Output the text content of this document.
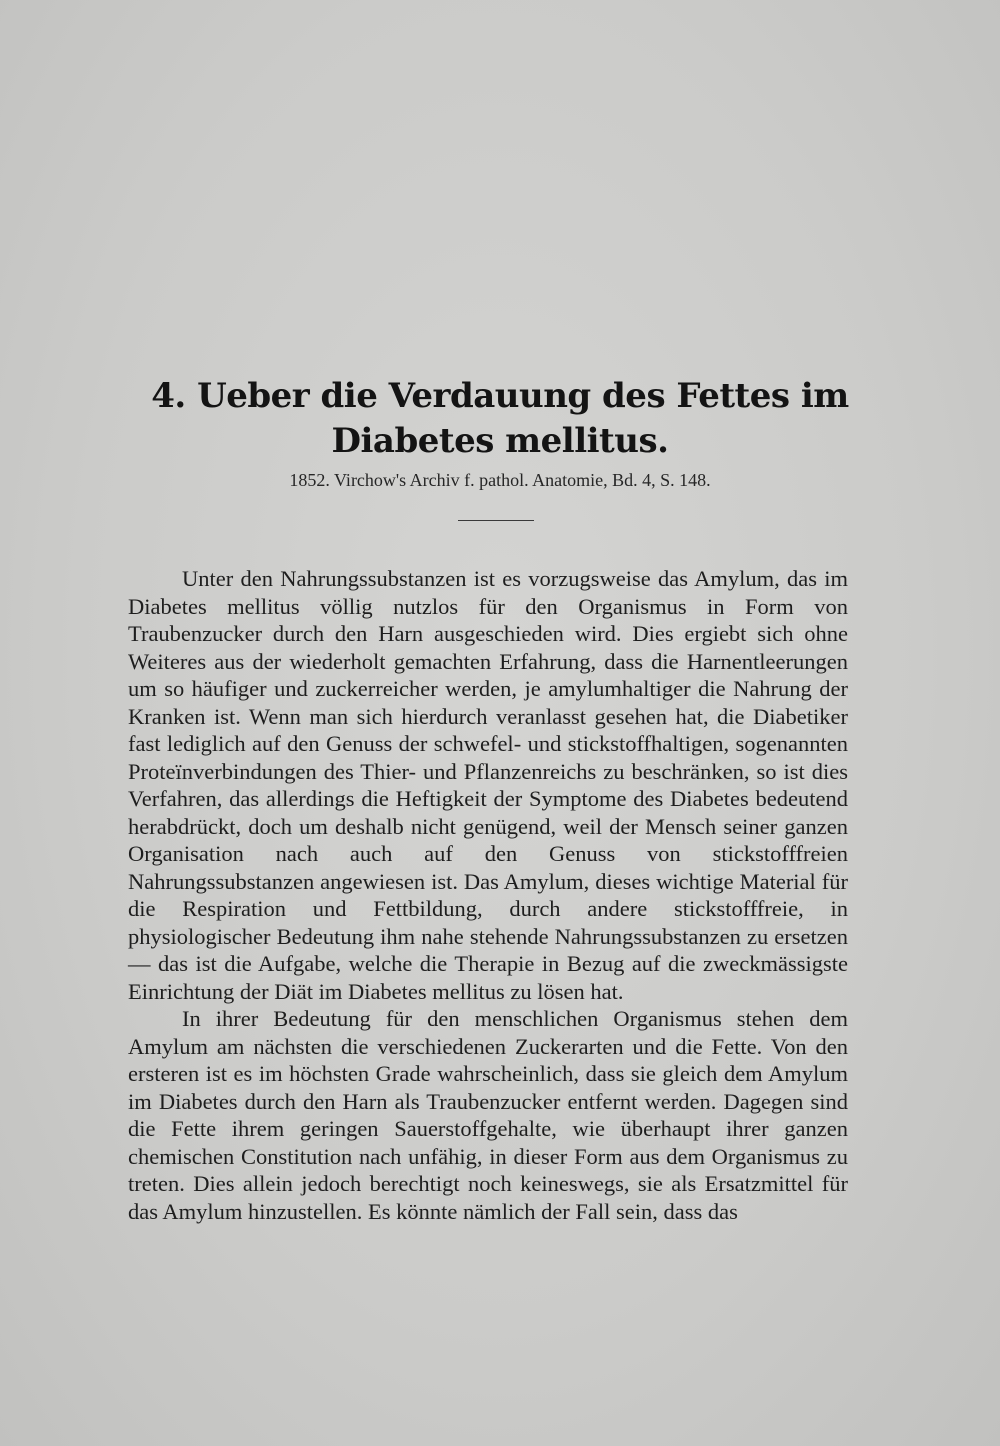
4. Ueber die Verdauung des Fettes im Diabetes mellitus.
1852. Virchow's Archiv f. pathol. Anatomie, Bd. 4, S. 148.

Unter den Nahrungssubstanzen ist es vorzugsweise das Amylum, das im Diabetes mellitus völlig nutzlos für den Organismus in Form von Traubenzucker durch den Harn ausgeschieden wird. Dies ergiebt sich ohne Weiteres aus der wiederholt gemachten Erfahrung, dass die Harnentleerungen um so häufiger und zuckerreicher werden, je amylumhaltiger die Nahrung der Kranken ist. Wenn man sich hierdurch veranlasst gesehen hat, die Diabetiker fast lediglich auf den Genuss der schwefel- und stickstoffhaltigen, sogenannten Proteïnverbindungen des Thier- und Pflanzenreichs zu beschränken, so ist dies Verfahren, das allerdings die Heftigkeit der Symptome des Diabetes bedeutend herabdrückt, doch um deshalb nicht genügend, weil der Mensch seiner ganzen Organisation nach auch auf den Genuss von stickstofffreien Nahrungssubstanzen angewiesen ist. Das Amylum, dieses wichtige Material für die Respiration und Fettbildung, durch andere stickstofffreie, in physiologischer Bedeutung ihm nahe stehende Nahrungssubstanzen zu ersetzen — das ist die Aufgabe, welche die Therapie in Bezug auf die zweckmässigste Einrichtung der Diät im Diabetes mellitus zu lösen hat.

In ihrer Bedeutung für den menschlichen Organismus stehen dem Amylum am nächsten die verschiedenen Zuckerarten und die Fette. Von den ersteren ist es im höchsten Grade wahrscheinlich, dass sie gleich dem Amylum im Diabetes durch den Harn als Traubenzucker entfernt werden. Dagegen sind die Fette ihrem geringen Sauerstoffgehalte, wie überhaupt ihrer ganzen chemischen Constitution nach unfähig, in dieser Form aus dem Organismus zu treten. Dies allein jedoch berechtigt noch keineswegs, sie als Ersatzmittel für das Amylum hinzustellen. Es könnte nämlich der Fall sein, dass das
